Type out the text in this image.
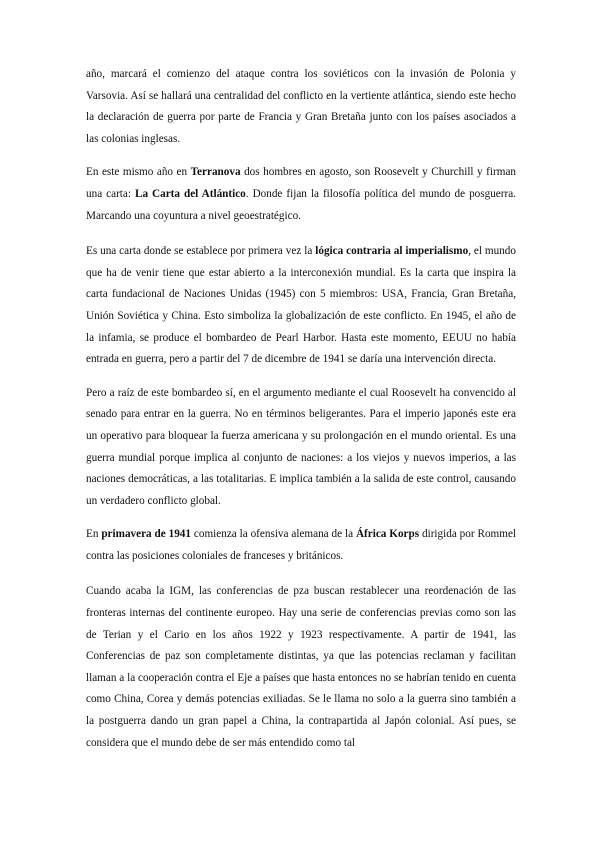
año, marcará el comienzo del ataque contra los soviéticos con la invasión de Polonia y Varsovia. Así se hallará una centralidad del conflicto en la vertiente atlántica, siendo este hecho la declaración de guerra por parte de Francia y Gran Bretaña junto con los países asociados a las colonias inglesas.

En este mismo año en Terranova dos hombres en agosto, son Roosevelt y Churchill y firman una carta: La Carta del Atlántico. Donde fijan la filosofía política del mundo de posguerra. Marcando una coyuntura a nivel geoestratégico.

Es una carta donde se establece por primera vez la lógica contraria al imperialismo, el mundo que ha de venir tiene que estar abierto a la interconexión mundial. Es la carta que inspira la carta fundacional de Naciones Unidas (1945) con 5 miembros: USA, Francia, Gran Bretaña, Unión Soviética y China. Esto simboliza la globalización de este conflicto. En 1945, el año de la infamia, se produce el bombardeo de Pearl Harbor. Hasta este momento, EEUU no había entrada en guerra, pero a partir del 7 de dicembre de 1941 se daría una intervención directa.

Pero a raíz de este bombardeo sí, en el argumento mediante el cual Roosevelt ha convencido al senado para entrar en la guerra. No en términos beligerantes. Para el imperio japonés este era un operativo para bloquear la fuerza americana y su prolongación en el mundo oriental. Es una guerra mundial porque implica al conjunto de naciones: a los viejos y nuevos imperios, a las naciones democráticas, a las totalitarias. E implica también a la salida de este control, causando un verdadero conflicto global.

En primavera de 1941 comienza la ofensiva alemana de la África Korps dirigida por Rommel contra las posiciones coloniales de franceses y británicos.

Cuando acaba la IGM, las conferencias de pza buscan restablecer una reordenación de las fronteras internas del continente europeo. Hay una serie de conferencias previas como son las de Terian y el Cario en los años 1922 y 1923 respectivamente. A partir de 1941, las Conferencias de paz son completamente distintas, ya que las potencias reclaman y facilitan llaman a la cooperación contra el Eje a países que hasta entonces no se habrían tenido en cuenta como China, Corea y demás potencias exiliadas. Se le llama no solo a la guerra sino también a la postguerra dando un gran papel a China, la contrapartida al Japón colonial. Así pues, se considera que el mundo debe de ser más entendido como tal
